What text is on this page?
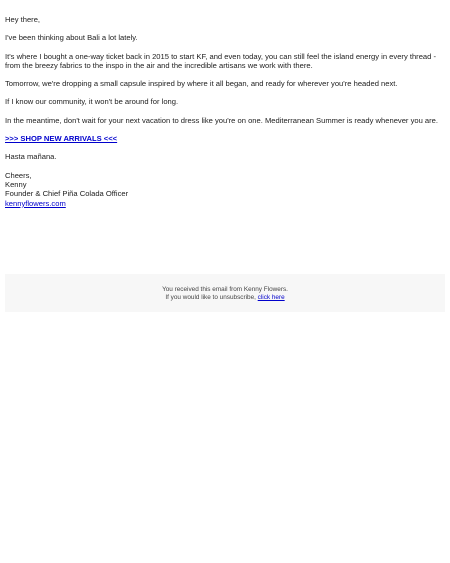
Hey there,

I've been thinking about Bali a lot lately.

It's where I bought a one-way ticket back in 2015 to start KF, and even today, you can still feel the island energy in every thread - from the breezy fabrics to the inspo in the air and the incredible artisans we work with there.

Tomorrow, we're dropping a small capsule inspired by where it all began, and ready for wherever you're headed next.

If I know our community, it won't be around for long.

In the meantime, don't wait for your next vacation to dress like you're on one. Mediterranean Summer is ready whenever you are.

>>> SHOP NEW ARRIVALS <<<

Hasta mañana.

Cheers,
Kenny
Founder & Chief Piña Colada Officer
kennyflowers.com
You received this email from Kenny Flowers.
If you would like to unsubscribe, click here
